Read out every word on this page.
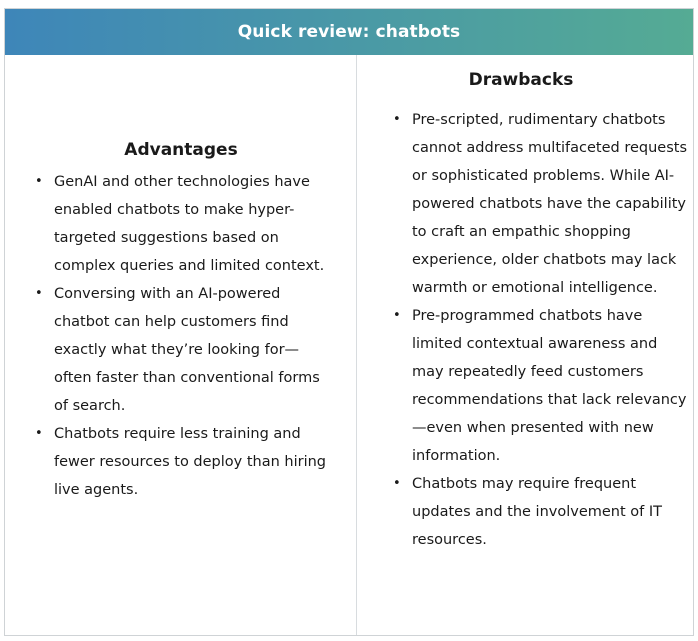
Quick review: chatbots
Advantages
• GenAI and other technologies have enabled chatbots to make hyper-targeted suggestions based on complex queries and limited context.
• Conversing with an AI-powered chatbot can help customers find exactly what they’re looking for—often faster than conventional forms of search.
• Chatbots require less training and fewer resources to deploy than hiring live agents.
Drawbacks
• Pre-scripted, rudimentary chatbots cannot address multifaceted requests or sophisticated problems. While AI-powered chatbots have the capability to craft an empathic shopping experience, older chatbots may lack warmth or emotional intelligence.
• Pre-programmed chatbots have limited contextual awareness and may repeatedly feed customers recommendations that lack relevancy—even when presented with new information.
• Chatbots may require frequent updates and the involvement of IT resources.
